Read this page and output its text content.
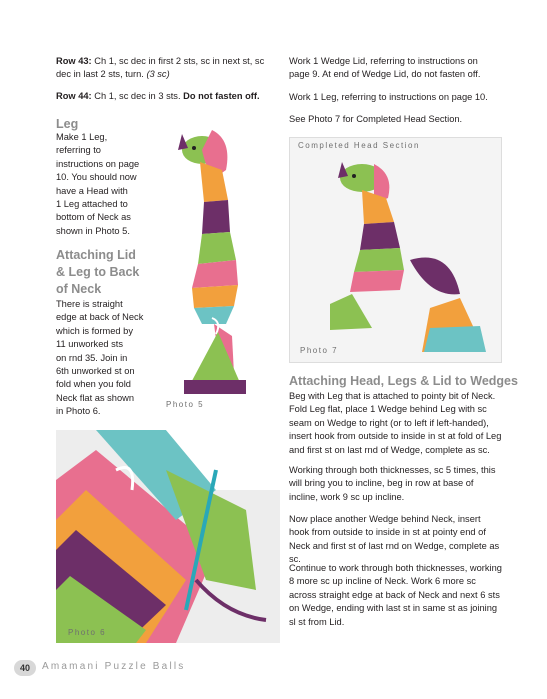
Row 43: Ch 1, sc dec in first 2 sts, sc in next st, sc dec in last 2 sts, turn. (3 sc)

Row 44: Ch 1, sc dec in 3 sts. Do not fasten off.

Leg

Make 1 Leg,
referring to
instructions on page
10. You should now
have a Head with
1 Leg attached to
bottom of Neck as
shown in Photo 5.
Attaching Lid
& Leg to Back
of Neck
There is straight
edge at back of Neck
which is formed by
11 unworked sts
on rnd 35. Join in
6th unworked st on
fold when you fold
Neck flat as shown
in Photo 6.
Photo 5
Photo 6

Work 1 Wedge Lid, referring to instructions on page 9. At end of Wedge Lid, do not fasten off.

Work 1 Leg, referring to instructions on page 10.

See Photo 7 for Completed Head Section.

Completed Head Section
Photo 7

Attaching Head, Legs & Lid to Wedges

Beg with Leg that is attached to pointy bit of Neck. Fold Leg flat, place 1 Wedge behind Leg with sc seam on Wedge to right (or to left if left-handed), insert hook from outside to inside in st at fold of Leg and first st on last rnd of Wedge, complete as sc.

Working through both thicknesses, sc 5 times, this will bring you to incline, beg in row at base of incline, work 9 sc up incline.

Now place another Wedge behind Neck, insert hook from outside to inside in st at pointy end of Neck and first st of last rnd on Wedge, complete as sc.

Continue to work through both thicknesses, working 8 more sc up incline of Neck. Work 6 more sc across straight edge at back of Neck and next 6 sts on Wedge, ending with last st in same st as joining sl st from Lid.

40	Amamani Puzzle Balls
